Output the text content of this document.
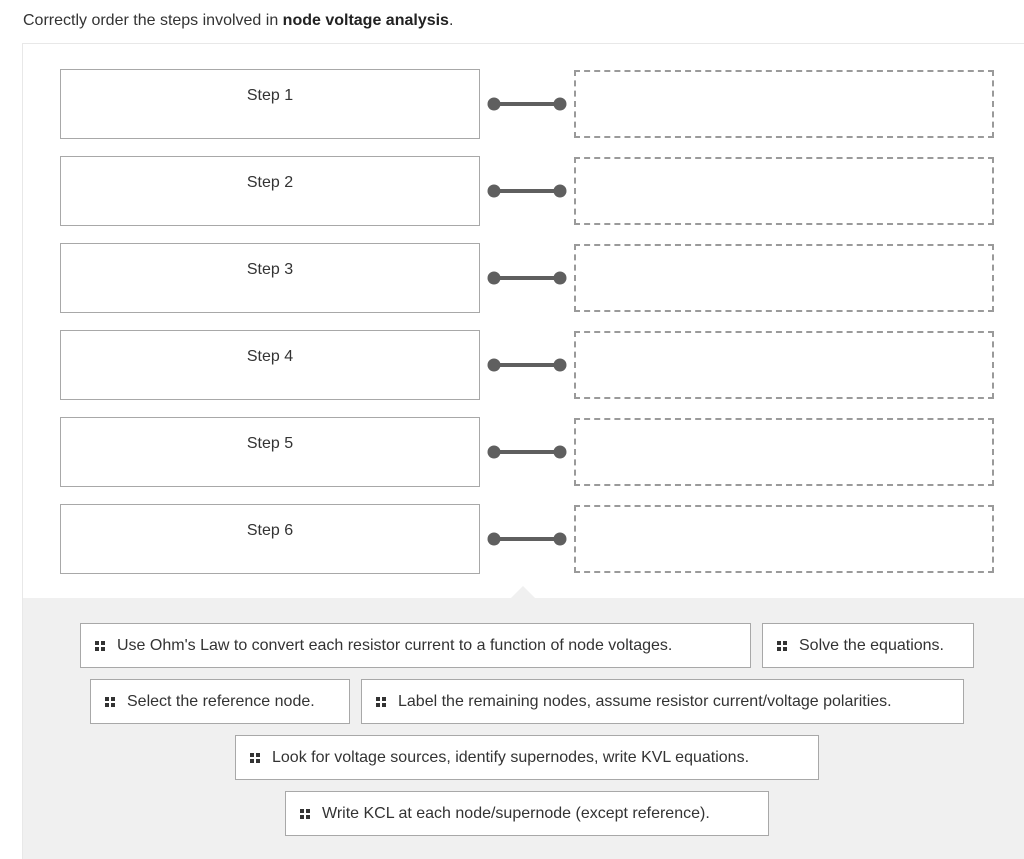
Correctly order the steps involved in node voltage analysis.
Step 1
Step 2
Step 3
Step 4
Step 5
Step 6
Use Ohm's Law to convert each resistor current to a function of node voltages.	Solve the equations.
Select the reference node.	Label the remaining nodes, assume resistor current/voltage polarities.
Look for voltage sources, identify supernodes, write KVL equations.
Write KCL at each node/supernode (except reference).
